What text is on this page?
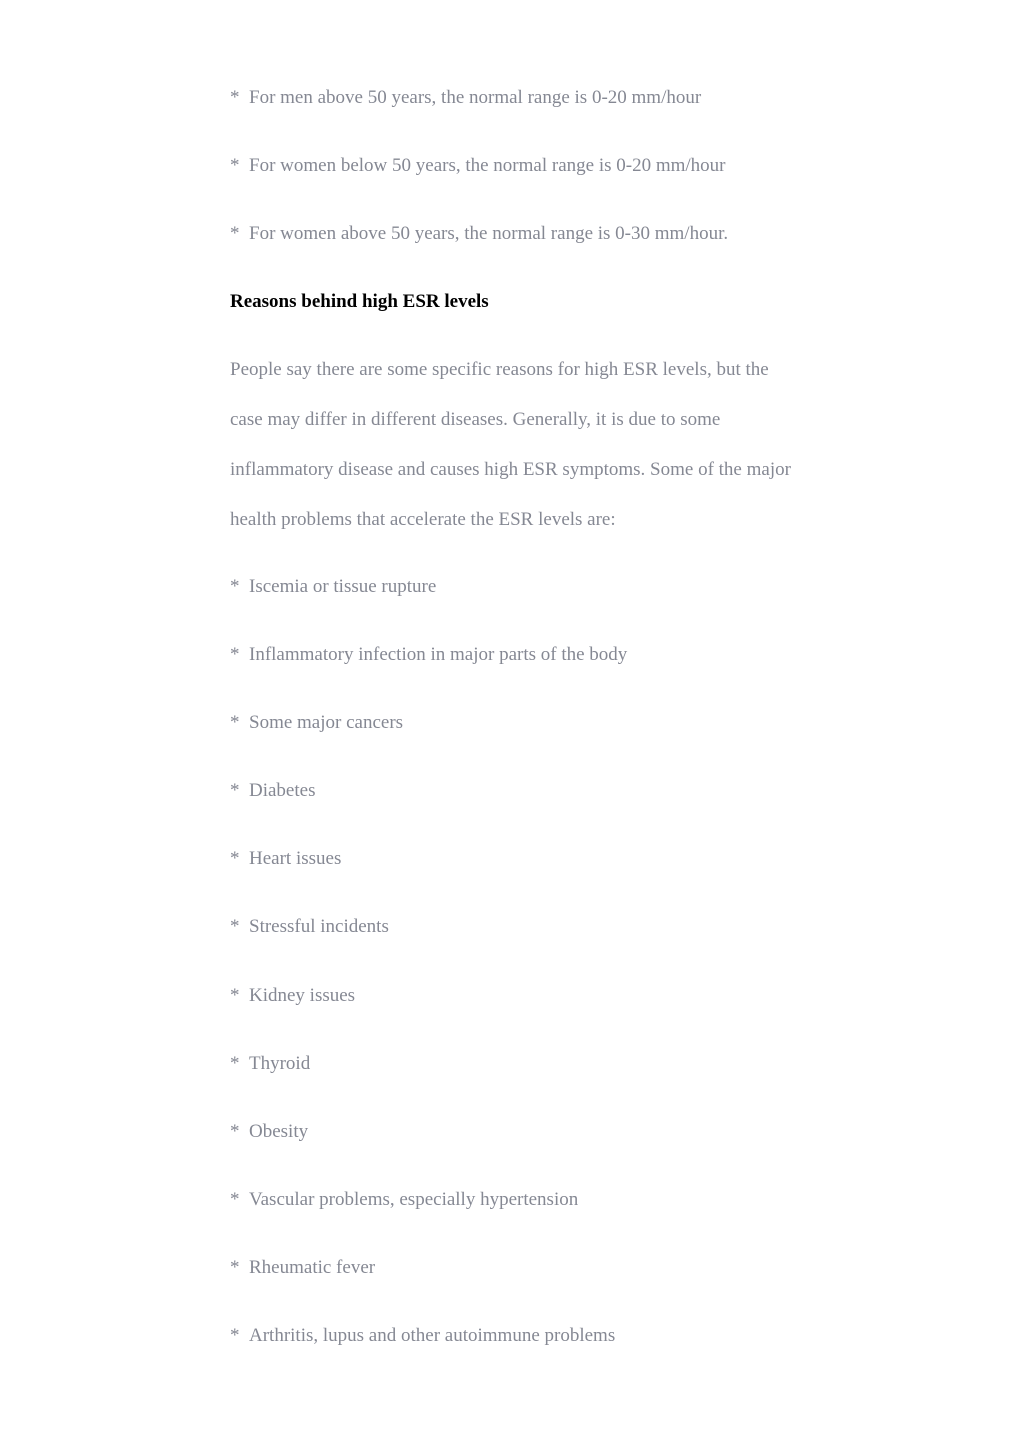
* For men above 50 years, the normal range is 0-20 mm/hour
* For women below 50 years, the normal range is 0-20 mm/hour
* For women above 50 years, the normal range is 0-30 mm/hour.
Reasons behind high ESR levels
People say there are some specific reasons for high ESR levels, but the
case may differ in different diseases. Generally, it is due to some
inflammatory disease and causes high ESR symptoms. Some of the major
health problems that accelerate the ESR levels are:
* Iscemia or tissue rupture
* Inflammatory infection in major parts of the body
* Some major cancers
* Diabetes
* Heart issues
* Stressful incidents
* Kidney issues
* Thyroid
* Obesity
* Vascular problems, especially hypertension
* Rheumatic fever
* Arthritis, lupus and other autoimmune problems
